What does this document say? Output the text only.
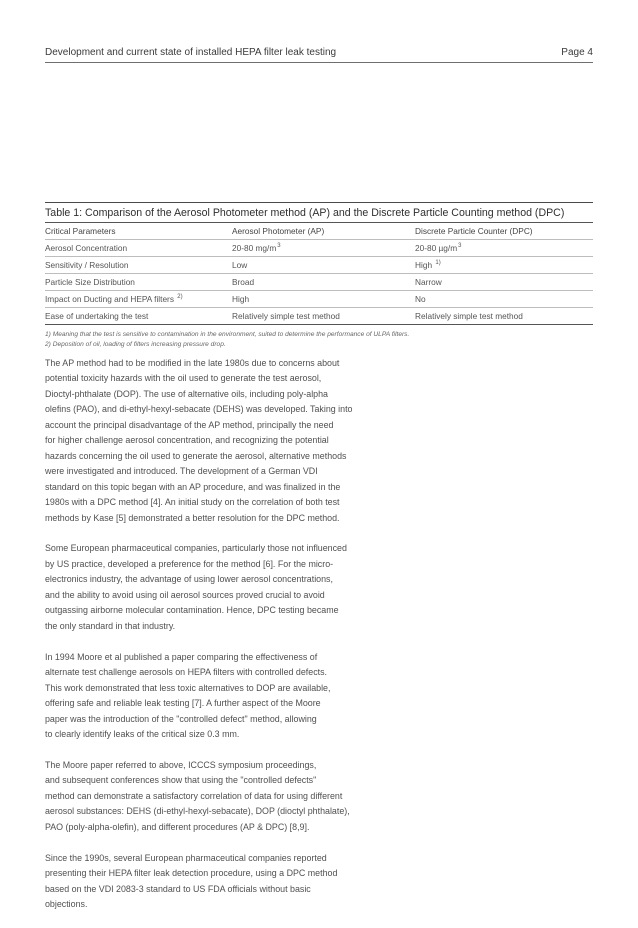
Development and current state of installed HEPA filter leak testing	Page 4
Table 1: Comparison of the Aerosol Photometer method (AP) and the Discrete Particle Counting method (DPC)
Critical Parameters	Aerosol Photometer (AP)	Discrete Particle Counter (DPC)
Aerosol Concentration	20-80 $mg/m^3$	20-80 $\mu g/m^3$
Sensitivity / Resolution	Low	High $^{1)}$
Particle Size Distribution	Broad	Narrow
Impact on Ducting and HEPA filters $^{2)}$	High	No
Ease of undertaking the test	Relatively simple test method	Relatively simple test method
1) Meaning that the test is sensitive to contamination in the environment, suited to determine the performance of ULPA filters.
2) Deposition of oil, loading of filters increasing pressure drop.
The AP method had to be modified in the late 1980s due to concerns about
potential toxicity hazards with the oil used to generate the test aerosol,
Dioctyl-phthalate (DOP). The use of alternative oils, including poly-alpha
olefins (PAO), and di-ethyl-hexyl-sebacate (DEHS) was developed. Taking into
account the principal disadvantage of the AP method, principally the need
for higher challenge aerosol concentration, and recognizing the potential
hazards concerning the oil used to generate the aerosol, alternative methods
were investigated and introduced. The development of a German VDI
standard on this topic began with an AP procedure, and was finalized in the
1980s with a DPC method [4]. An initial study on the correlation of both test
methods by Kase [5] demonstrated a better resolution for the DPC method.
Some European pharmaceutical companies, particularly those not influenced
by US practice, developed a preference for the method [6]. For the micro-
electronics industry, the advantage of using lower aerosol concentrations,
and the ability to avoid using oil aerosol sources proved crucial to avoid
outgassing airborne molecular contamination. Hence, DPC testing became
the only standard in that industry.
In 1994 Moore et al published a paper comparing the effectiveness of
alternate test challenge aerosols on HEPA filters with controlled defects.
This work demonstrated that less toxic alternatives to DOP are available,
offering safe and reliable leak testing [7]. A further aspect of the Moore
paper was the introduction of the "controlled defect" method, allowing
to clearly identify leaks of the critical size 0.3 mm.
The Moore paper referred to above, ICCCS symposium proceedings,
and subsequent conferences show that using the "controlled defects"
method can demonstrate a satisfactory correlation of data for using different
aerosol substances: DEHS (di-ethyl-hexyl-sebacate), DOP (dioctyl phthalate),
PAO (poly-alpha-olefin), and different procedures (AP & DPC) [8,9].
Since the 1990s, several European pharmaceutical companies reported
presenting their HEPA filter leak detection procedure, using a DPC method
based on the VDI 2083-3 standard to US FDA officials without basic
objections.
